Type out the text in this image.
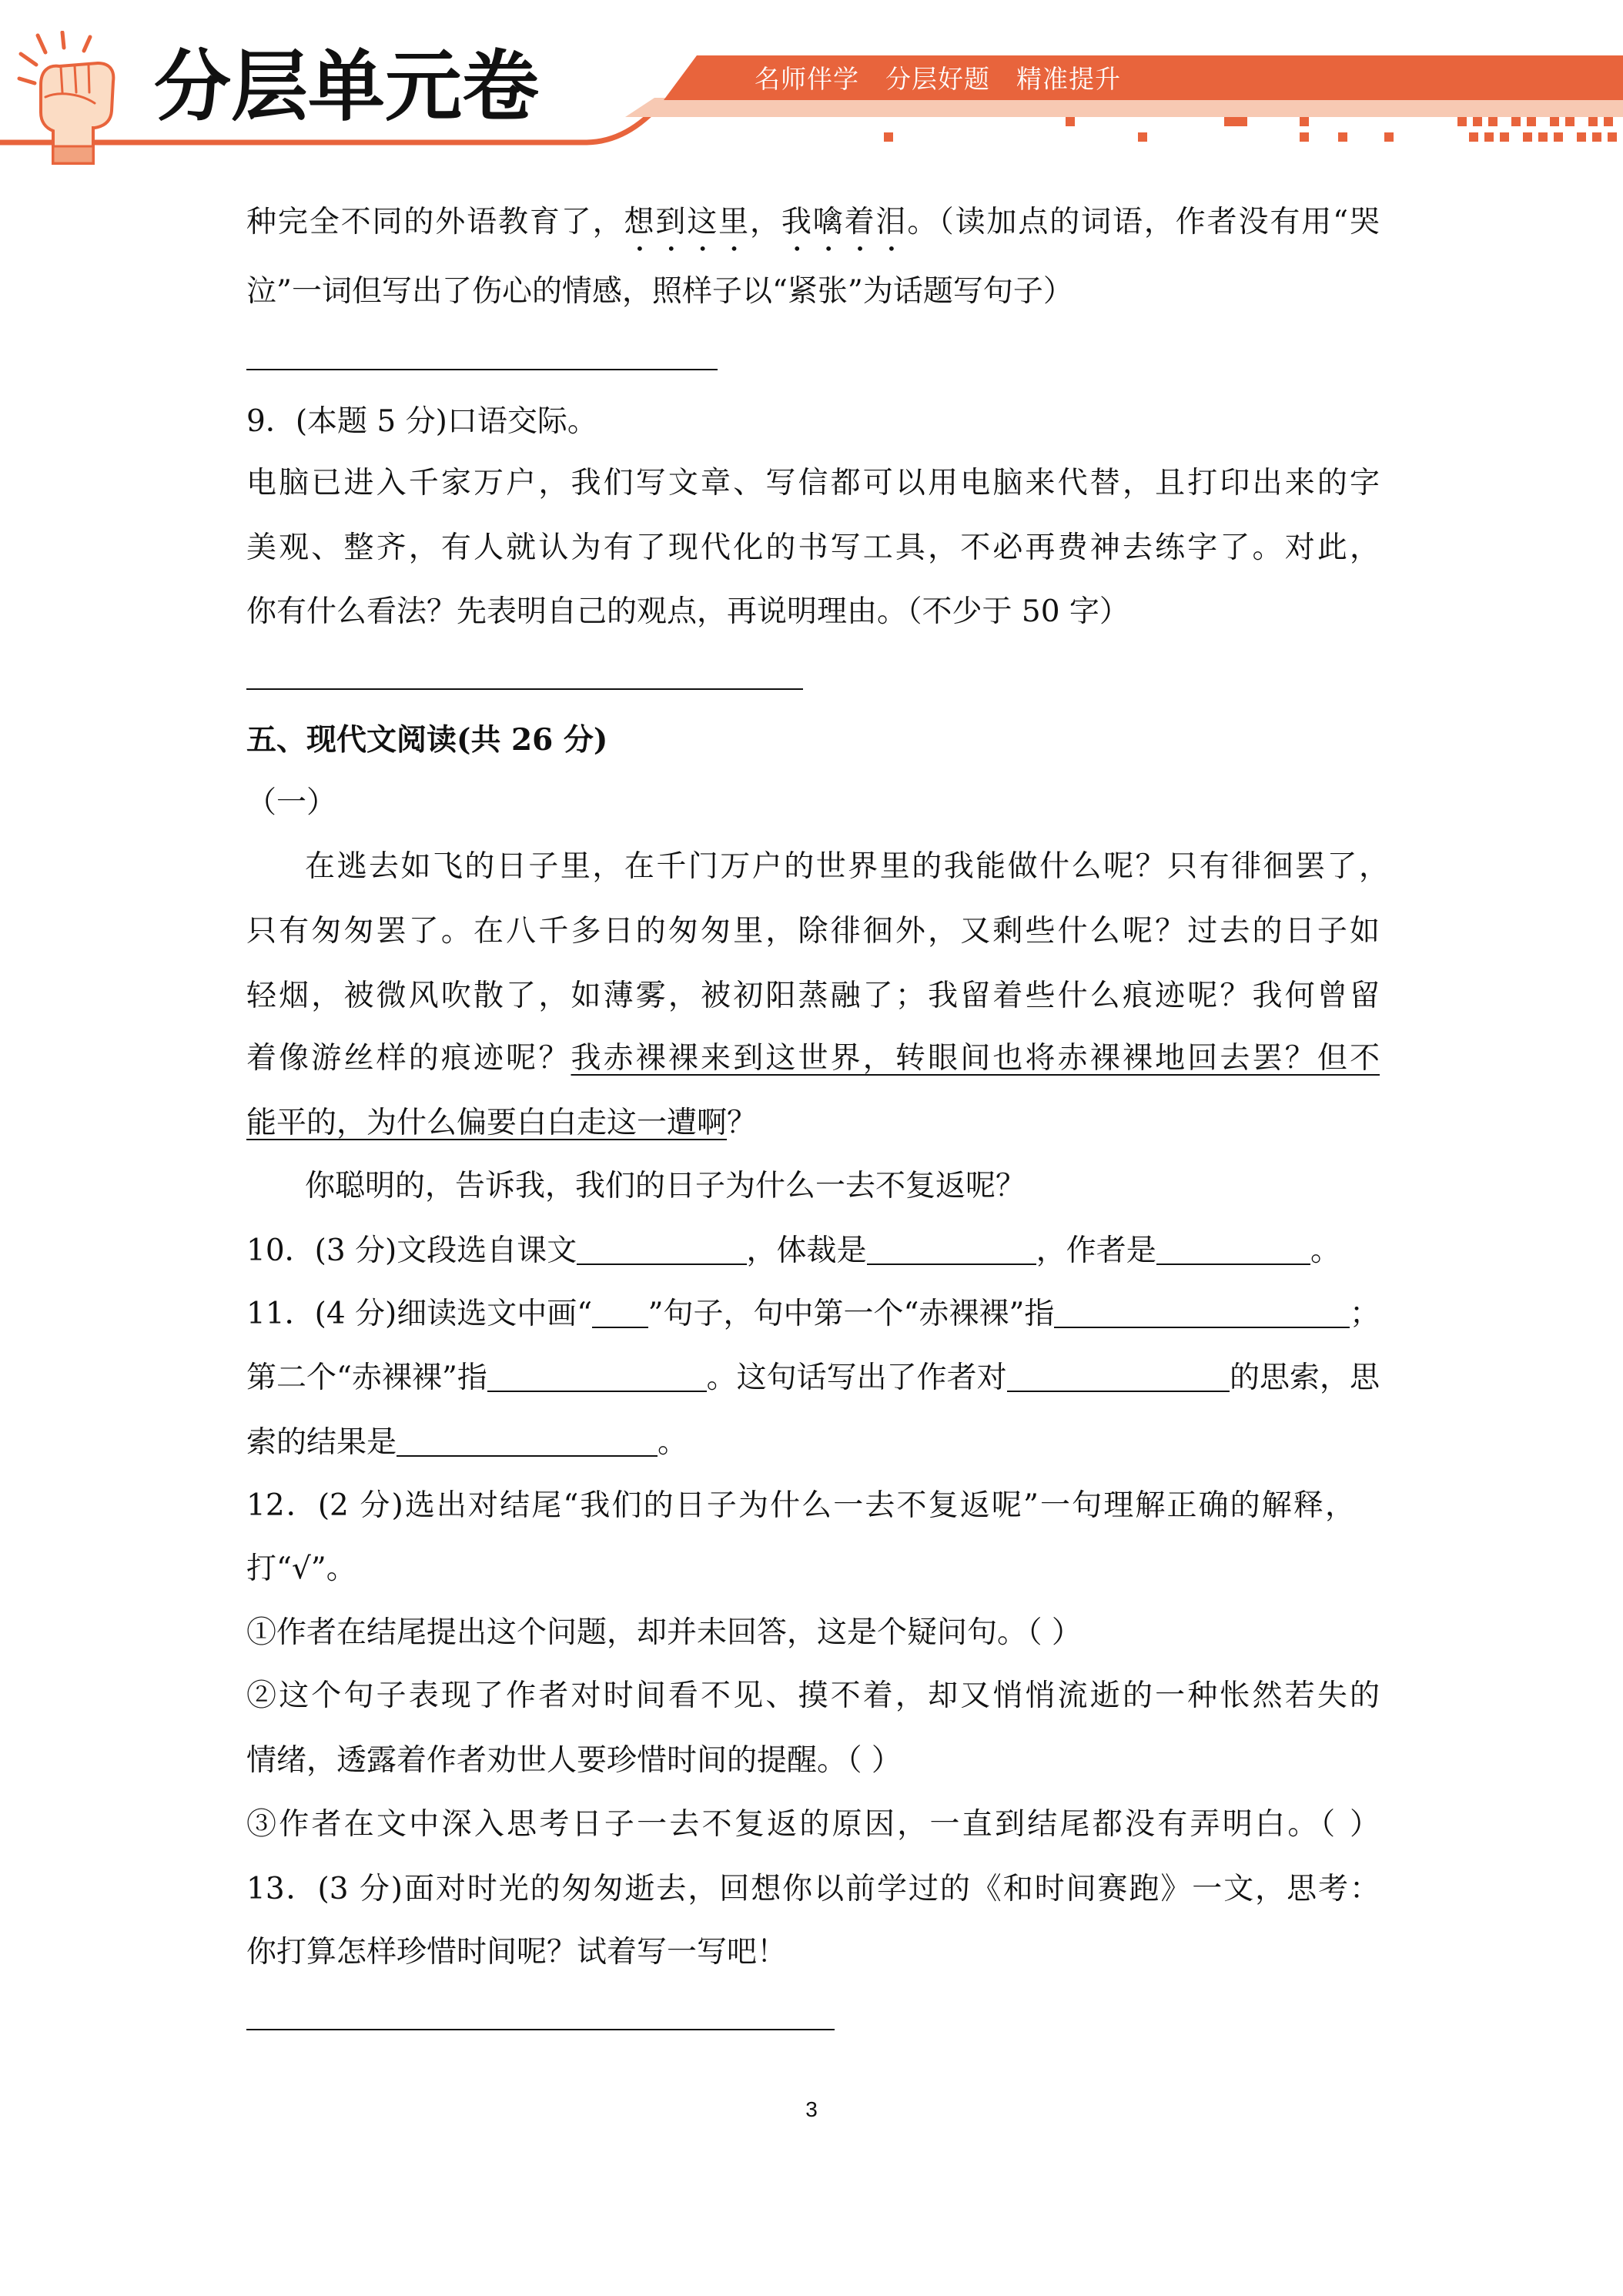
分层单元卷	名师伴学　分层好题　精准提升
种完全不同的外语教育了，想到这里，我噙着泪。（读加点的词语，作者没有用“哭
泣”一词但写出了伤心的情感，照样子以“紧张”为话题写句子）
9．(本题 5 分)口语交际。
电脑已进入千家万户，我们写文章、写信都可以用电脑来代替，且打印出来的字
美观、整齐，有人就认为有了现代化的书写工具，不必再费神去练字了。对此，
你有什么看法？先表明自己的观点，再说明理由。（不少于 50 字）
五、现代文阅读(共 26 分)
（一）
在逃去如飞的日子里，在千门万户的世界里的我能做什么呢？只有徘徊罢了，
只有匆匆罢了。在八千多日的匆匆里，除徘徊外，又剩些什么呢？过去的日子如
轻烟，被微风吹散了，如薄雾，被初阳蒸融了；我留着些什么痕迹呢？我何曾留
着像游丝样的痕迹呢？我赤裸裸来到这世界，转眼间也将赤裸裸地回去罢？但不
能平的，为什么偏要白白走这一遭啊？
你聪明的，告诉我，我们的日子为什么一去不复返呢？
10．(3 分)文段选自课文	，体裁是	，作者是	。
11．(4 分)细读选文中画“ ”句子，句中第一个“赤裸裸”指	；
第二个“赤裸裸”指	。这句话写出了作者对	的思索，思
索的结果是	。
12．(2 分)选出对结尾“我们的日子为什么一去不复返呢”一句理解正确的解释，
打“√”。
①作者在结尾提出这个问题，却并未回答，这是个疑问句。（ ）
②这个句子表现了作者对时间看不见、摸不着，却又悄悄流逝的一种怅然若失的
情绪，透露着作者劝世人要珍惜时间的提醒。（ ）
③作者在文中深入思考日子一去不复返的原因，一直到结尾都没有弄明白。（ ）
13．(3 分)面对时光的匆匆逝去，回想你以前学过的《和时间赛跑》一文，思考：
你打算怎样珍惜时间呢？试着写一写吧！
3
